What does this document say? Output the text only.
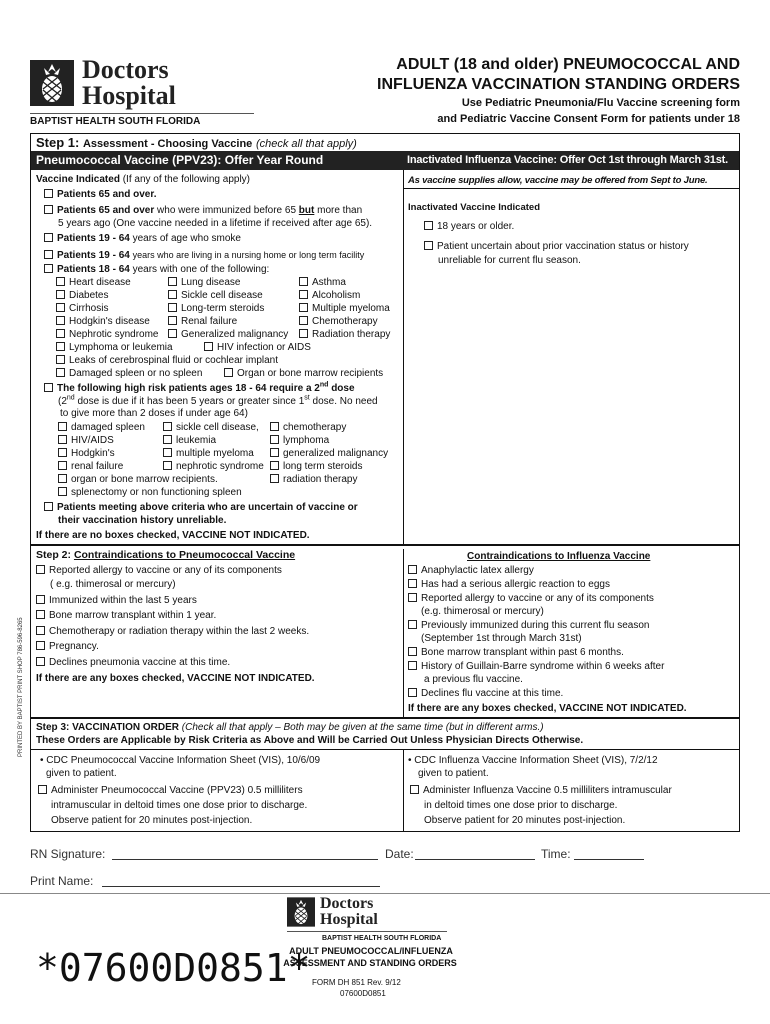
Doctors
Hospital
BAPTIST HEALTH SOUTH FLORIDA
ADULT (18 and older) PNEUMOCOCCAL AND
INFLUENZA VACCINATION STANDING ORDERS
Use Pediatric Pneumonia/Flu Vaccine screening form
and Pediatric Vaccine Consent Form for patients under 18
Step 1: Assessment - Choosing Vaccine (check all that apply)
Pneumococcal Vaccine (PPV23): Offer Year Round	Inactivated Influenza Vaccine: Offer Oct 1st through March 31st.
Vaccine Indicated (If any of the following apply)
Patients 65 and over.
Patients 65 and over who were immunized before 65 but more than
5 years ago (One vaccine needed in a lifetime if received after age 65).
Patients 19 - 64 years of age who smoke
Patients 19 - 64 years who are living in a nursing home or long term facility
Patients 18 - 64 years with one of the following:
Heart disease	Lung disease	Asthma
Diabetes	Sickle cell disease	Alcoholism
Cirrhosis	Long-term steroids	Multiple myeloma
Hodgkin's disease	Renal failure	Chemotherapy
Nephrotic syndrome	Generalized malignancy	Radiation therapy
Lymphoma or leukemia	HIV infection or AIDS
Leaks of cerebrospinal fluid or cochlear implant
Damaged spleen or no spleen	Organ or bone marrow recipients
The following high risk patients ages 18 - 64 require a 2nd dose
(2nd dose is due if it has been 5 years or greater since 1st dose. No need
to give more than 2 doses if under age 64)
damaged spleen	sickle cell disease,	chemotherapy
HIV/AIDS	leukemia	lymphoma
Hodgkin's	multiple myeloma	generalized malignancy
renal failure	nephrotic syndrome	long term steroids
organ or bone marrow recipients.	radiation therapy
splenectomy or non functioning spleen
Patients meeting above criteria who are uncertain of vaccine or
their vaccination history unreliable.
If there are no boxes checked, VACCINE NOT INDICATED.
As vaccine supplies allow, vaccine may be offered from Sept to June.
Inactivated Vaccine Indicated
18 years or older.
Patient uncertain about prior vaccination status or history
unreliable for current flu season.
Step 2: Contraindications to Pneumococcal Vaccine
Reported allergy to vaccine or any of its components
( e.g. thimerosal or mercury)
Immunized within the last 5 years
Bone marrow transplant within 1 year.
Chemotherapy or radiation therapy within the last 2 weeks.
Pregnancy.
Declines pneumonia vaccine at this time.
If there are any boxes checked, VACCINE NOT INDICATED.
Contraindications to Influenza Vaccine
Anaphylactic latex allergy
Has had a serious allergic reaction to eggs
Reported allergy to vaccine or any of its components
(e.g. thimerosal or mercury)
Previously immunized during this current flu season
(September 1st through March 31st)
Bone marrow transplant within past 6 months.
History of Guillain-Barre syndrome within 6 weeks after
a previous flu vaccine.
Declines flu vaccine at this time.
If there are any boxes checked, VACCINE NOT INDICATED.
Step 3: VACCINATION ORDER (Check all that apply – Both may be given at the same time (but in different arms.)
These Orders are Applicable by Risk Criteria as Above and Will be Carried Out Unless Physician Directs Otherwise.
• CDC Pneumococcal Vaccine Information Sheet (VIS), 10/6/09
given to patient.
Administer Pneumococcal Vaccine (PPV23) 0.5 milliliters
intramuscular in deltoid times one dose prior to discharge.
Observe patient for 20 minutes post-injection.
• CDC Influenza Vaccine Information Sheet (VIS), 7/2/12
given to patient.
Administer Influenza Vaccine 0.5 milliliters intramuscular
in deltoid times one dose prior to discharge.
Observe patient for 20 minutes post-injection.
PRINTED BY BAPTIST PRINT SHOP 786-596-8265
RN Signature:	Date:	Time:
Print Name:
Doctors
Hospital
BAPTIST HEALTH SOUTH FLORIDA
*07600D0851*
ADULT PNEUMOCOCCAL/INFLUENZA
ASSESSMENT AND STANDING ORDERS
FORM DH 851 Rev. 9/12
07600D0851
